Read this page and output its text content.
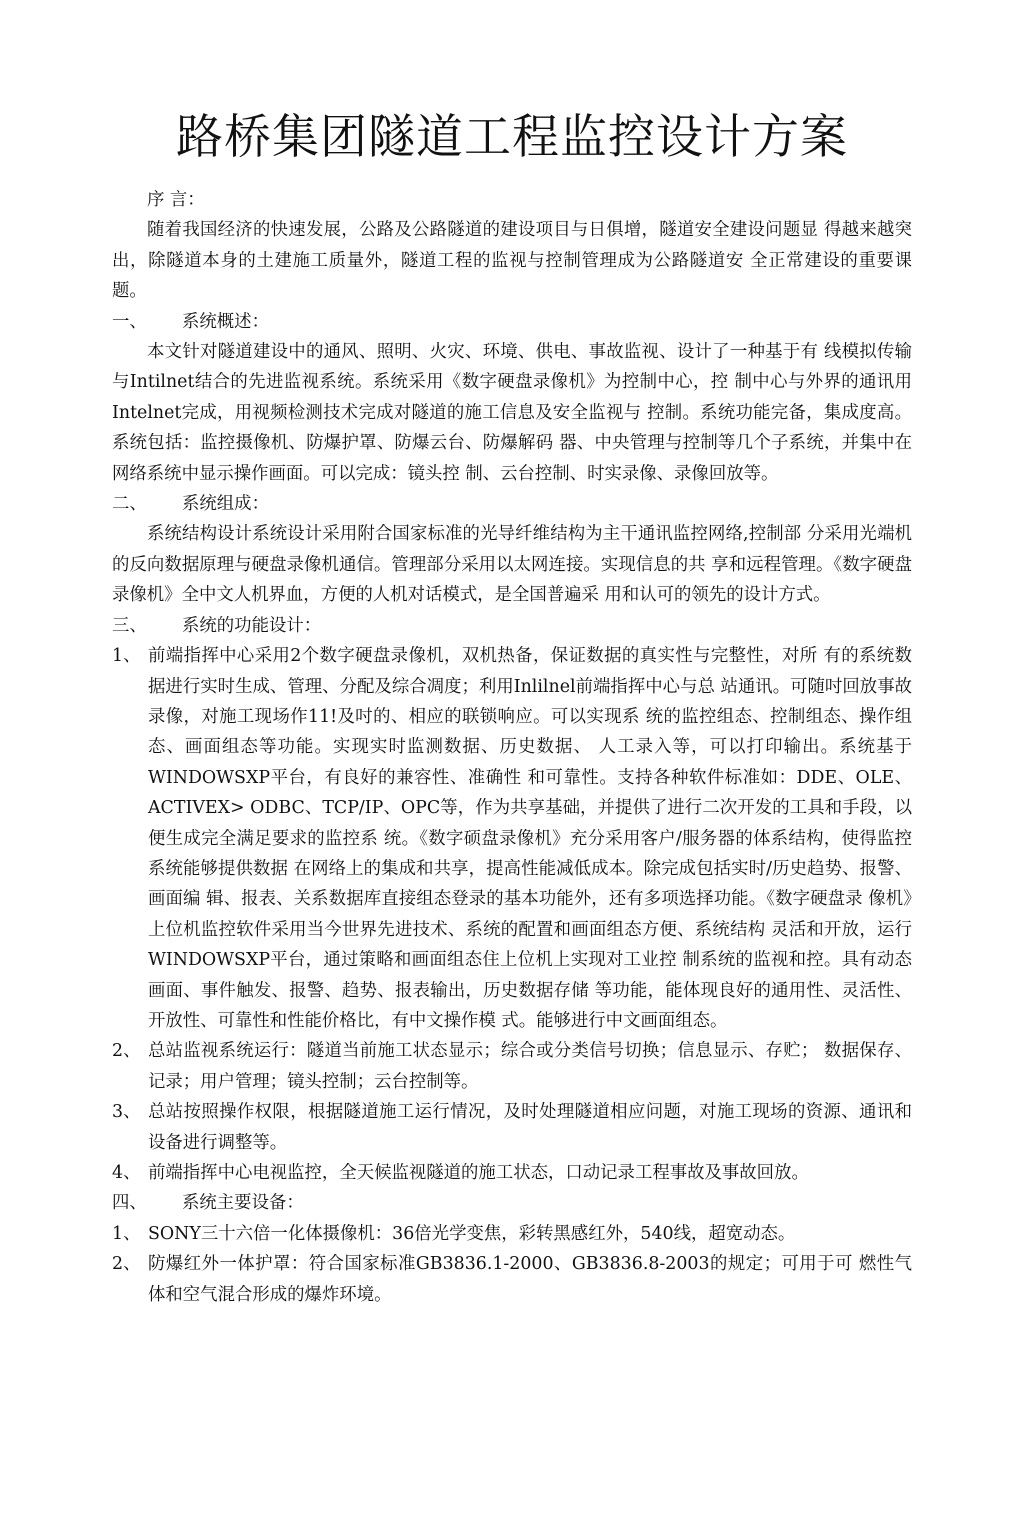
路桥集团隧道工程监控设计方案

序 言：

随着我国经济的快速发展，公路及公路隧道的建设项目与日俱增，隧道安全建设问题显 得越来越突出，除隧道本身的土建施工质量外，隧道工程的监视与控制管理成为公路隧道安 全正常建设的重要课题。

一、	系统概述：

本文针对隧道建设中的通风、照明、火灾、环境、供电、事故监视、设计了一种基于有 线模拟传输与Intilnet结合的先进监视系统。系统采用《数字硬盘录像机》为控制中心，控 制中心与外界的通讯用Intelnet完成，用视频检测技术完成对隧道的施工信息及安全监视与 控制。系统功能完备，集成度高。系统包括：监控摄像机、防爆护罩、防爆云台、防爆解码 器、中央管理与控制等几个子系统，并集中在网络系统中显示操作画面。可以完成：镜头控 制、云台控制、时实录像、录像回放等。

二、	系统组成：

系统结构设计系统设计采用附合国家标准的光导纤维结构为主干通讯监控网络,控制部 分采用光端机的反向数据原理与硬盘录像机通信。管理部分采用以太网连接。实现信息的共 享和远程管理。《数字硬盘录像机》全中文人机界血，方便的人机对话模式，是全国普遍采 用和认可的领先的设计方式。

三、	系统的功能设计：
1、 前端指挥中心采用2个数字硬盘录像机，双机热备，保证数据的真实性与完整性，对所 有的系统数据进行实时生成、管理、分配及综合凋度；利用Inlilnel前端指挥中心与总 站通讯。可随吋回放事故录像，对施工现场作11!及吋的、相应的联锁响应。可以实现系 统的监控组态、控制组态、操作组态、画面组态等功能。实现实时监测数据、历史数据、 人工录入等，可以打印输出。系统基于WINDOWSXP平台，有良好的兼容性、准确性 和可靠性。支持各种软件标准如：DDE、OLE、ACTIVEX> ODBC、TCP/IP、OPC等，作为共享基础，并提供了进行二次开发的工具和手段，以便生成完全满足要求的监控系 统。《数字硕盘录像机》充分采用客户/服务器的体系结构，使得监控系统能够提供数据 在网络上的集成和共享，提高性能减低成本。除完成包括实时/历史趋势、报警、画面编 辑、报表、关系数据库直接组态登录的基本功能外，还有多项选择功能。《数字硬盘录 像机》上位机监控软件采用当今世界先进技术、系统的配置和画面组态方便、系统结构 灵活和开放，运行WINDOWSXP平台，通过策略和画面组态住上位机上实现对工业控 制系统的监视和控。具有动态画面、事件触发、报警、趋势、报表输出，历史数据存储 等功能，能体现良好的通用性、灵活性、开放性、可靠性和性能价格比，有中文操作模 式。能够进行中文画面组态。
2、 总站监视系统运行：隧道当前施工状态显示；综合或分类信号切换；信息显示、存贮； 数据保存、记录；用户管理；镜头控制；云台控制等。
3、 总站按照操作权限，根据隧道施工运行情况，及时处理隧道相应问题，对施工现场的资源、通讯和设备进行调整等。
4、 前端指挥中心电视监控，全天候监视隧道的施工状态，口动记录工程事故及事故回放。
四、	系统主要设备：
1、 SONY三十六倍一化体摄像机：36倍光学变焦，彩转黑感红外，540线，超宽动态。
2、 防爆红外一体护罩：符合国家标准GB3836.1-2000、GB3836.8-2003的规定；可用于可 燃性气体和空气混合形成的爆炸环境。
